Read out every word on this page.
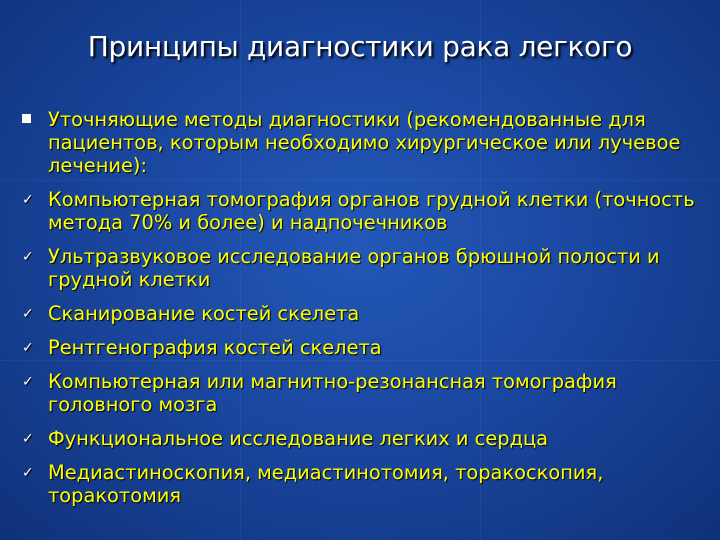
Принципы диагностики рака легкого
Уточняющие методы диагностики (рекомендованные для пациентов, которым необходимо хирургическое или лучевое лечение):
✓ Компьютерная томография органов грудной клетки (точность метода 70% и более) и надпочечников
✓ Ультразвуковое исследование органов брюшной полости и грудной клетки
✓ Сканирование костей скелета
✓ Рентгенография костей скелета
✓ Компьютерная или магнитно-резонансная томография головного мозга
✓ Функциональное исследование легких и сердца
✓ Медиастиноскопия, медиастинотомия, торакоскопия, торакотомия
